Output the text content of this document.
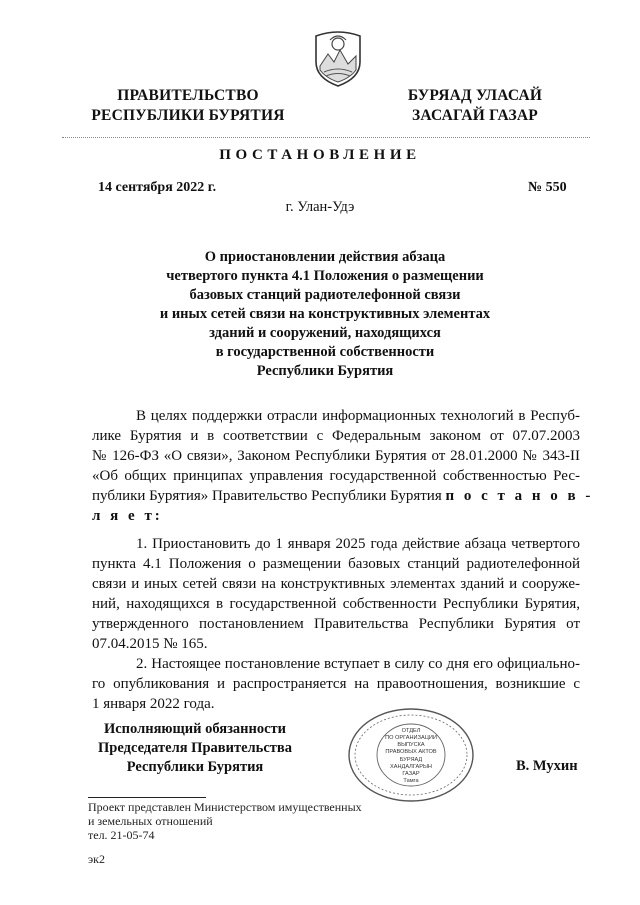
ПРАВИТЕЛЬСТВО
РЕСПУБЛИКИ БУРЯТИЯ
БУРЯАД УЛАСАЙ
ЗАСАГАЙ ГАЗАР
ПОСТАНОВЛЕНИЕ
14 сентября 2022 г.	№ 550
г. Улан-Удэ
О приостановлении действия абзаца
четвертого пункта 4.1 Положения о размещении
базовых станций радиотелефонной связи
и иных сетей связи на конструктивных элементах
зданий и сооружений, находящихся
в государственной собственности
Республики Бурятия
В целях поддержки отрасли информационных технологий в Респуб-
лике Бурятия и в соответствии с Федеральным законом от 07.07.2003
№ 126-ФЗ «О связи», Законом Республики Бурятия от 28.01.2000 № 343-II
«Об общих принципах управления государственной собственностью Рес-
публики Бурятия» Правительство Республики Бурятия п о с т а н о в -
л я е т:
1. Приостановить до 1 января 2025 года действие абзаца четвертого
пункта 4.1 Положения о размещении базовых станций радиотелефонной
связи и иных сетей связи на конструктивных элементах зданий и сооруже-
ний, находящихся в государственной собственности Республики Бурятия,
утвержденного постановлением Правительства Республики Бурятия от
07.04.2015 № 165.
2. Настоящее постановление вступает в силу со дня его официально-
го опубликования и распространяется на правоотношения, возникшие с
1 января 2022 года.
Исполняющий обязанности
Председателя Правительства
Республики Бурятия
ОТДЕЛ
ПО ОРГАНИЗАЦИИ
ВЫПУСКА
ПРАВОВЫХ АКТОВ
БУРЯАД
ХАНДАЛГАРЫН
ГАЗАР
Тамга
В. Мухин
Проект представлен Министерством имущественных
и земельных отношений
тел. 21-05-74
эк2
